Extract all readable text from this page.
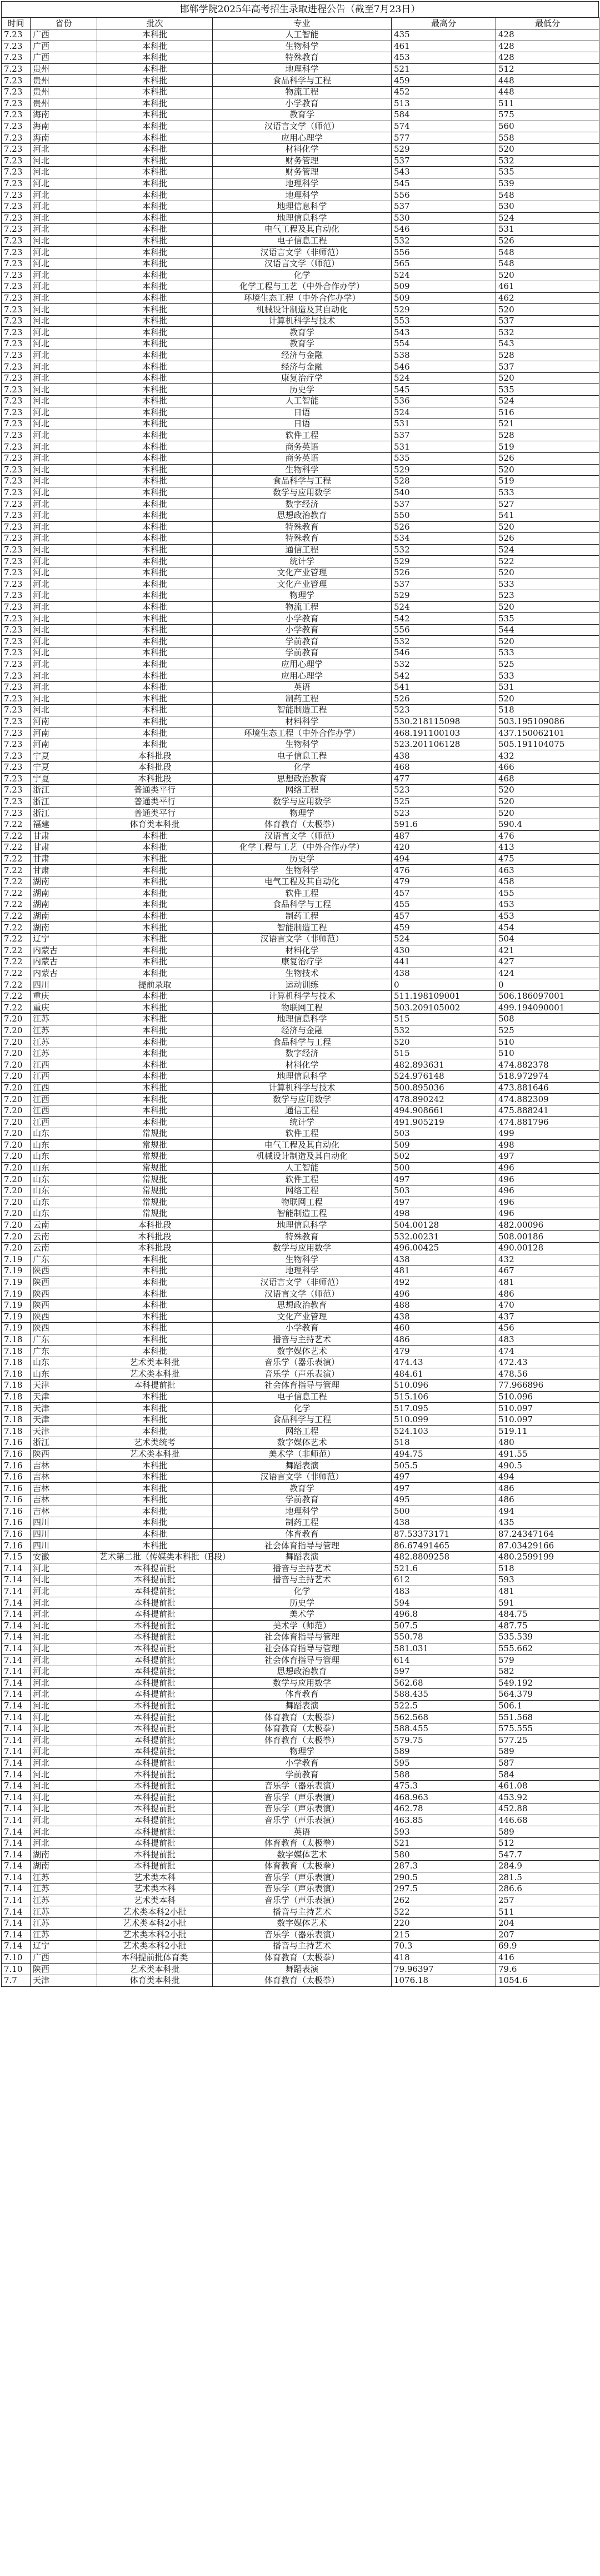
邯郸学院2025年高考招生录取进程公告（截至7月23日）
时间	省份	批次	专业	最高分	最低分
7.23	广西	本科批	人工智能	435	428
7.23	广西	本科批	生物科学	461	428
7.23	广西	本科批	特殊教育	453	428
7.23	贵州	本科批	地理科学	521	512
7.23	贵州	本科批	食品科学与工程	459	448
7.23	贵州	本科批	物流工程	452	448
7.23	贵州	本科批	小学教育	513	511
7.23	海南	本科批	教育学	584	575
7.23	海南	本科批	汉语言文学（师范）	574	560
7.23	海南	本科批	应用心理学	577	558
7.23	河北	本科批	材料化学	529	520
7.23	河北	本科批	财务管理	537	532
7.23	河北	本科批	财务管理	543	535
7.23	河北	本科批	地理科学	545	539
7.23	河北	本科批	地理科学	556	548
7.23	河北	本科批	地理信息科学	537	530
7.23	河北	本科批	地理信息科学	530	524
7.23	河北	本科批	电气工程及其自动化	546	531
7.23	河北	本科批	电子信息工程	532	526
7.23	河北	本科批	汉语言文学（非师范）	556	548
7.23	河北	本科批	汉语言文学（师范）	565	548
7.23	河北	本科批	化学	524	520
7.23	河北	本科批	化学工程与工艺（中外合作办学）	509	461
7.23	河北	本科批	环境生态工程（中外合作办学）	509	462
7.23	河北	本科批	机械设计制造及其自动化	529	520
7.23	河北	本科批	计算机科学与技术	553	537
7.23	河北	本科批	教育学	543	532
7.23	河北	本科批	教育学	554	543
7.23	河北	本科批	经济与金融	538	528
7.23	河北	本科批	经济与金融	546	537
7.23	河北	本科批	康复治疗学	524	520
7.23	河北	本科批	历史学	545	535
7.23	河北	本科批	人工智能	536	524
7.23	河北	本科批	日语	524	516
7.23	河北	本科批	日语	531	521
7.23	河北	本科批	软件工程	537	528
7.23	河北	本科批	商务英语	531	519
7.23	河北	本科批	商务英语	535	526
7.23	河北	本科批	生物科学	529	520
7.23	河北	本科批	食品科学与工程	528	519
7.23	河北	本科批	数学与应用数学	540	533
7.23	河北	本科批	数字经济	537	527
7.23	河北	本科批	思想政治教育	550	541
7.23	河北	本科批	特殊教育	526	520
7.23	河北	本科批	特殊教育	534	526
7.23	河北	本科批	通信工程	532	524
7.23	河北	本科批	统计学	529	522
7.23	河北	本科批	文化产业管理	526	520
7.23	河北	本科批	文化产业管理	537	533
7.23	河北	本科批	物理学	529	523
7.23	河北	本科批	物流工程	524	520
7.23	河北	本科批	小学教育	542	535
7.23	河北	本科批	小学教育	556	544
7.23	河北	本科批	学前教育	532	520
7.23	河北	本科批	学前教育	546	533
7.23	河北	本科批	应用心理学	532	525
7.23	河北	本科批	应用心理学	542	533
7.23	河北	本科批	英语	541	531
7.23	河北	本科批	制药工程	526	520
7.23	河北	本科批	智能制造工程	523	518
7.23	河南	本科批	材料科学	530.218115098	503.195109086
7.23	河南	本科批	环境生态工程（中外合作办学）	468.191100103	437.150062101
7.23	河南	本科批	生物科学	523.201106128	505.191104075
7.23	宁夏	本科批段	电子信息工程	438	432
7.23	宁夏	本科批段	化学	468	466
7.23	宁夏	本科批段	思想政治教育	477	468
7.23	浙江	普通类平行	网络工程	523	520
7.23	浙江	普通类平行	数学与应用数学	525	520
7.23	浙江	普通类平行	物理学	523	520
7.22	福建	体育类本科批	体育教育（太极拳）	591.6	590.4
7.22	甘肃	本科批	汉语言文学（师范）	487	476
7.22	甘肃	本科批	化学工程与工艺（中外合作办学）	420	413
7.22	甘肃	本科批	历史学	494	475
7.22	甘肃	本科批	生物科学	476	463
7.22	湖南	本科批	电气工程及其自动化	479	458
7.22	湖南	本科批	软件工程	457	455
7.22	湖南	本科批	食品科学与工程	455	453
7.22	湖南	本科批	制药工程	457	453
7.22	湖南	本科批	智能制造工程	459	454
7.22	辽宁	本科批	汉语言文学（非师范）	524	504
7.22	内蒙古	本科批	材料化学	430	421
7.22	内蒙古	本科批	康复治疗学	441	427
7.22	内蒙古	本科批	生物技术	438	424
7.22	四川	提前录取	运动训练	0	0
7.22	重庆	本科批	计算机科学与技术	511.198109001	506.186097001
7.22	重庆	本科批	物联网工程	503.209105002	499.194090001
7.20	江苏	本科批	地理信息科学	515	508
7.20	江苏	本科批	经济与金融	532	525
7.20	江苏	本科批	食品科学与工程	520	510
7.20	江苏	本科批	数字经济	515	510
7.20	江西	本科批	材料化学	482.893631	474.882378
7.20	江西	本科批	地理信息科学	524.976148	518.972974
7.20	江西	本科批	计算机科学与技术	500.895036	473.881646
7.20	江西	本科批	数学与应用数学	478.890242	474.882309
7.20	江西	本科批	通信工程	494.908661	475.888241
7.20	江西	本科批	统计学	491.905219	474.881796
7.20	山东	常规批	软件工程	503	499
7.20	山东	常规批	电气工程及其自动化	509	498
7.20	山东	常规批	机械设计制造及其自动化	502	497
7.20	山东	常规批	人工智能	500	496
7.20	山东	常规批	软件工程	497	496
7.20	山东	常规批	网络工程	503	496
7.20	山东	常规批	物联网工程	497	496
7.20	山东	常规批	智能制造工程	498	496
7.20	云南	本科批段	地理信息科学	504.00128	482.00096
7.20	云南	本科批段	特殊教育	532.00231	508.00186
7.20	云南	本科批段	数学与应用数学	496.00425	490.00128
7.19	广东	本科批	生物科学	438	432
7.19	陕西	本科批	地理科学	481	467
7.19	陕西	本科批	汉语言文学（非师范）	492	481
7.19	陕西	本科批	汉语言文学（师范）	496	486
7.19	陕西	本科批	思想政治教育	488	470
7.19	陕西	本科批	文化产业管理	438	437
7.19	陕西	本科批	小学教育	460	456
7.18	广东	本科批	播音与主持艺术	486	483
7.18	广东	本科批	数字媒体艺术	479	474
7.18	山东	艺术类本科批	音乐学（器乐表演）	474.43	472.43
7.18	山东	艺术类本科批	音乐学（声乐表演）	484.61	478.56
7.18	天津	本科提前批	社会体育指导与管理	510.096	77.966896
7.18	天津	本科批	电子信息工程	515.106	510.096
7.18	天津	本科批	化学	517.095	510.097
7.18	天津	本科批	食品科学与工程	510.099	510.097
7.18	天津	本科批	网络工程	524.103	519.11
7.16	浙江	艺术类统考	数字媒体艺术	518	480
7.16	陕西	艺术类本科批	美术学（非师范）	494.75	491.55
7.16	吉林	本科批	舞蹈表演	505.5	490.5
7.16	吉林	本科批	汉语言文学（非师范）	497	494
7.16	吉林	本科批	教育学	497	486
7.16	吉林	本科批	学前教育	495	486
7.16	吉林	本科批	地理科学	500	494
7.16	四川	本科批	制药工程	438	435
7.16	四川	本科批	体育教育	87.53373171	87.24347164
7.16	四川	本科批	社会体育指导与管理	86.67491465	87.03429166
7.15	安徽	艺术第二批（传媒类本科批（B段）	舞蹈表演	482.8809258	480.2599199
7.14	河北	本科提前批	播音与主持艺术	521.6	518
7.14	河北	本科提前批	播音与主持艺术	612	593
7.14	河北	本科提前批	化学	483	481
7.14	河北	本科提前批	历史学	594	591
7.14	河北	本科提前批	美术学	496.8	484.75
7.14	河北	本科提前批	美术学（师范）	507.5	487.75
7.14	河北	本科提前批	社会体育指导与管理	550.78	535.539
7.14	河北	本科提前批	社会体育指导与管理	581.031	555.662
7.14	河北	本科提前批	社会体育指导与管理	614	579
7.14	河北	本科提前批	思想政治教育	597	582
7.14	河北	本科提前批	数学与应用数学	562.68	549.192
7.14	河北	本科提前批	体育教育	588.435	564.379
7.14	河北	本科提前批	舞蹈表演	522.5	506.1
7.14	河北	本科提前批	体育教育（太极拳）	562.568	551.568
7.14	河北	本科提前批	体育教育（太极拳）	588.455	575.555
7.14	河北	本科提前批	体育教育（太极拳）	579.75	577.25
7.14	河北	本科提前批	物理学	589	589
7.14	河北	本科提前批	小学教育	595	587
7.14	河北	本科提前批	学前教育	588	584
7.14	河北	本科提前批	音乐学（器乐表演）	475.3	461.08
7.14	河北	本科提前批	音乐学（声乐表演）	468.963	453.92
7.14	河北	本科提前批	音乐学（声乐表演）	462.78	452.88
7.14	河北	本科提前批	音乐学（声乐表演）	463.85	446.68
7.14	河北	本科提前批	英语	593	589
7.14	河北	本科提前批	体育教育（太极拳）	521	512
7.14	湖南	本科提前批	数字媒体艺术	580	547.7
7.14	湖南	本科提前批	体育教育（太极拳）	287.3	284.9
7.14	江苏	艺术类本科	音乐学（声乐表演）	290.5	281.5
7.14	江苏	艺术类本科	音乐学（声乐表演）	297.5	286.6
7.14	江苏	艺术类本科	音乐学（声乐表演）	262	257
7.14	江苏	艺术类本科2小批	播音与主持艺术	522	511
7.14	江苏	艺术类本科2小批	数字媒体艺术	220	204
7.14	江苏	艺术类本科2小批	音乐学（器乐表演）	215	207
7.14	辽宁	艺术类本科2小批	播音与主持艺术	70.3	69.9
7.10	广西	本科提前批体育类	体育教育（太极拳）	418	416
7.10	陕西	艺术类本科批	舞蹈表演	79.96397	79.6
7.7	天津	体育类本科批	体育教育（太极拳）	1076.18	1054.6
